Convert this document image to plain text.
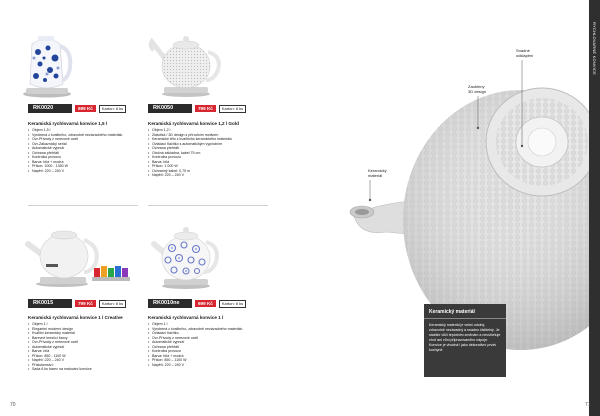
RK0020	699 Kč	Karton: 6 ks
Keramická rychlovarná konvice 1,5 l
• Objem 1,5 l
• Vyrobená z kvalitního, zdravotně nezávadného materiálu
• Ovr-Přívody z nerezové oceli
• Ovr-Zákaznický seriál
• Automatické vypnutí
• Ochrana přehřátí
• Kontrolka provozu
• Barva: bílá + modrá
• Příkon: 1000 - 1350 W
• Napětí: 220 – 240 V
RK0050	799 Kč	Karton: 6 ks
Keramická rychlovarná konvice 1,2 l Gold
• Objem 1,2 l
• Zlatotisk / 3D design s přírodním motivem
• Keramické tělo z kvalitního keramického materiálu
• Ovládací tlačítko s automatickým vypínáním
• Ochrana přehřátí
• Otočná základna, kabel 75 cm
• Kontrolka provozu
• Barva: bílá
• Příkon: 1 000 W
• Ochranný kabel: 0,75 m
• Napětí: 220 – 240 V
RK0015	799 Kč	Karton: 6 ks
Keramická rychlovarná konvice 1 l Creative
• Objem 1 l
• Elegantní moderní design
• Kvalitní keramický materiál
• Barevné kreslící barvy
• Ovr-Přívody z nerezové oceli
• Automatické vypnutí
• Barva: bílá
• Příkon: 850 - 1100 W
• Napětí: 220 – 240 V
• Příslušenství:
• Sada 6 ks barev na malování konvice
RK0010ne	699 Kč	Karton: 6 ks
Keramická rychlovarná konvice 1 l
• Objem 1 l
• Vyrobená z kvalitního, zdravotně nezávadného materiálu
• Ovládací tlačítko
• Ovr-Přívody z nerezové oceli
• Automatické vypnutí
• Ochrana přehřátí
• Kontrolka provozu
• Barva: bílá + modrá
• Příkon: 850 – 1100 W
• Napětí: 220 – 240 V
70
Snadné
odklápění
Zaoblený
3D design
Keramický
materiál
RYCHLOVARNÉ KONVICE
71
Keramický materiál
Keramický materiál je velmi odolný, zdravotně nezávadný a snadno čistitelný. Je stabilní vůči teplotním změnám a neovlivňuje chuť ani vůni připravovaného nápoje. Konvice je vhodná i jako dekorativní prvek kuchyně.
